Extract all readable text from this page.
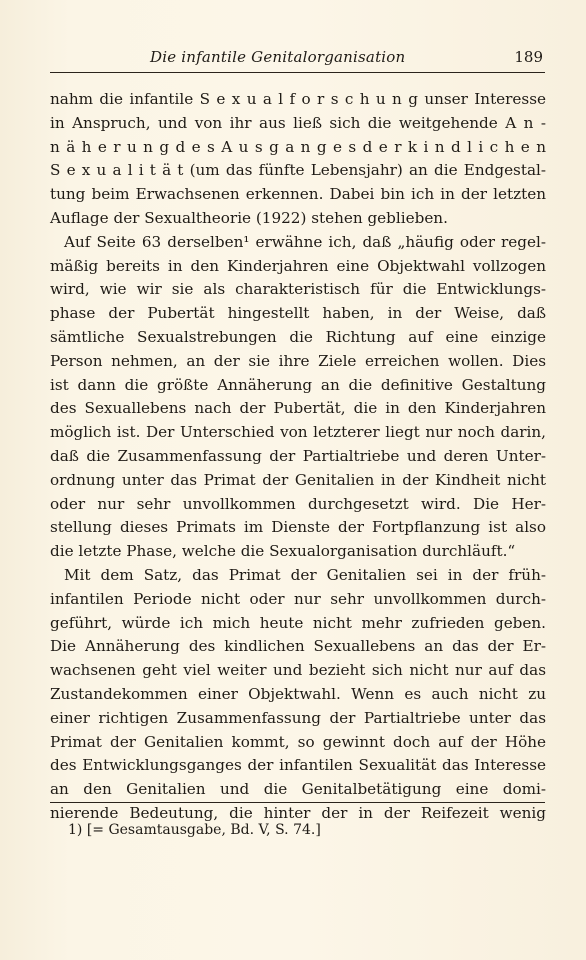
Die infantile Genitalorganisation	189
nahm die infantile S e x u a l f o r s c h u n g unser Interesse
in Anspruch, und von ihr aus ließ sich die weitgehende A n -
n ä h e r u n g d e s A u s g a n g e s d e r k i n d l i c h e n
S e x u a l i t ä t (um das fünfte Lebensjahr) an die Endgestal-
tung beim Erwachsenen erkennen. Dabei bin ich in der letzten
Auflage der Sexualtheorie (1922) stehen geblieben.
Auf Seite 63 derselben¹ erwähne ich, daß „häufig oder regel-
mäßig bereits in den Kinderjahren eine Objektwahl vollzogen
wird, wie wir sie als charakteristisch für die Entwicklungs-
phase der Pubertät hingestellt haben, in der Weise, daß
sämtliche Sexualstrebungen die Richtung auf eine einzige
Person nehmen, an der sie ihre Ziele erreichen wollen. Dies
ist dann die größte Annäherung an die definitive Gestaltung
des Sexuallebens nach der Pubertät, die in den Kinderjahren
möglich ist. Der Unterschied von letzterer liegt nur noch darin,
daß die Zusammenfassung der Partialtriebe und deren Unter-
ordnung unter das Primat der Genitalien in der Kindheit nicht
oder nur sehr unvollkommen durchgesetzt wird. Die Her-
stellung dieses Primats im Dienste der Fortpflanzung ist also
die letzte Phase, welche die Sexualorganisation durchläuft.“
Mit dem Satz, das Primat der Genitalien sei in der früh-
infantilen Periode nicht oder nur sehr unvollkommen durch-
geführt, würde ich mich heute nicht mehr zufrieden geben.
Die Annäherung des kindlichen Sexuallebens an das der Er-
wachsenen geht viel weiter und bezieht sich nicht nur auf das
Zustandekommen einer Objektwahl. Wenn es auch nicht zu
einer richtigen Zusammenfassung der Partialtriebe unter das
Primat der Genitalien kommt, so gewinnt doch auf der Höhe
des Entwicklungsganges der infantilen Sexualität das Interesse
an den Genitalien und die Genitalbetätigung eine domi-
nierende Bedeutung, die hinter der in der Reifezeit wenig
1) [= Gesamtausgabe, Bd. V, S. 74.]
